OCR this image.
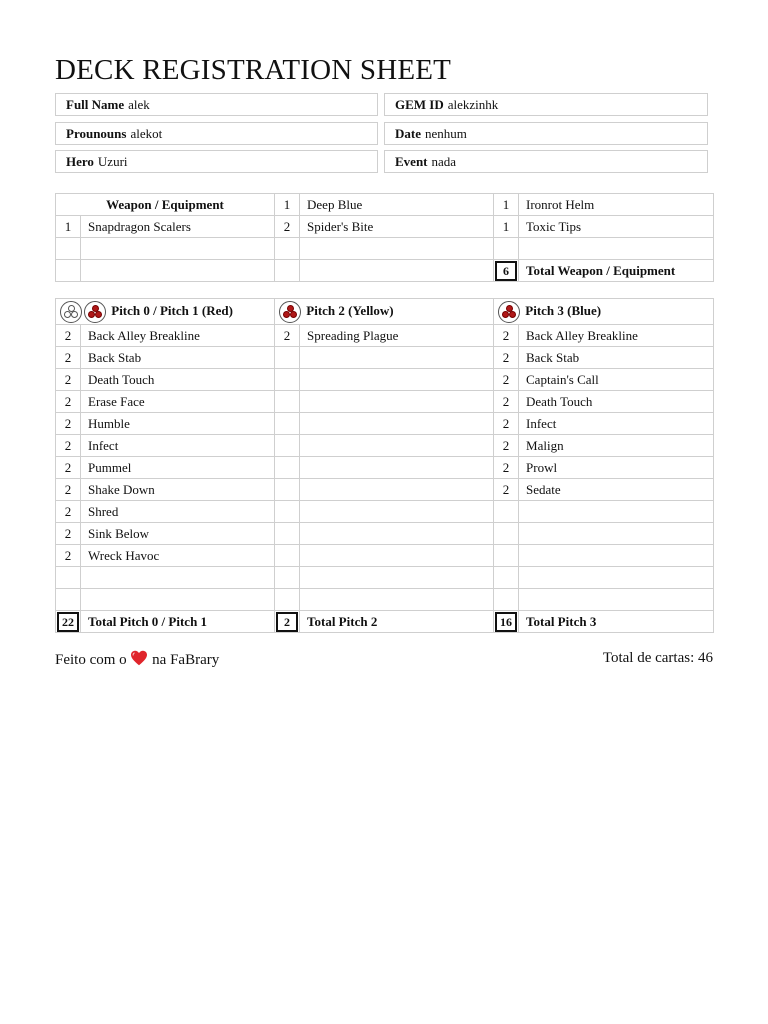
DECK REGISTRATION SHEET
Full Name alek	GEM ID alekzinhk
Prounouns alekot	Date nenhum
Hero Uzuri	Event nada
Weapon / Equipment		1	Deep Blue	1	Ironrot Helm
1	Snapdragon Scalers	2	Spider's Bite	1	Toxic Tips

				6	Total Weapon / Equipment
Pitch 0 / Pitch 1 (Red)		Pitch 2 (Yellow)		Pitch 3 (Blue)	
2	Back Alley Breakline	2	Spreading Plague	2	Back Alley Breakline
2	Back Stab			2	Back Stab
2	Death Touch			2	Captain's Call
2	Erase Face			2	Death Touch
2	Humble			2	Infect
2	Infect			2	Malign
2	Pummel			2	Prowl
2	Shake Down			2	Sedate
2	Shred				
2	Sink Below				
2	Wreck Havoc				

22	Total Pitch 0 / Pitch 1	2	Total Pitch 2	16	Total Pitch 3
Feito com o na FaBrary	Total de cartas: 46
